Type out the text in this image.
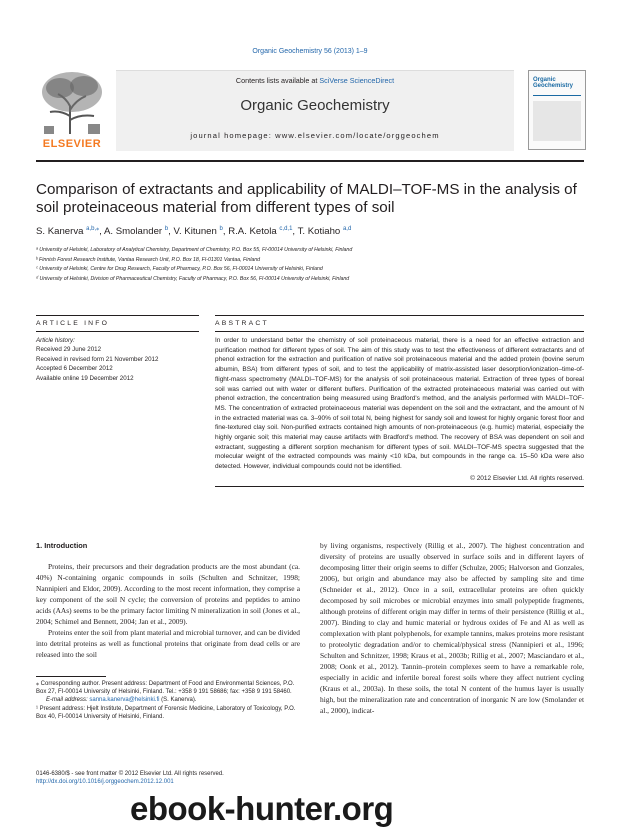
Organic Geochemistry 56 (2013) 1–9
ELSEVIER
Contents lists available at SciVerse ScienceDirect
Organic Geochemistry
journal homepage: www.elsevier.com/locate/orggeochem
Organic Geochemistry
Comparison of extractants and applicability of MALDI–TOF-MS in the analysis of soil proteinaceous material from different types of soil
S. Kanerva $^{a,b,⁎}$, A. Smolander $^b$, V. Kitunen $^b$, R.A. Ketola $^{c,d,1}$, T. Kotiaho $^{a,d}$
ᵃ University of Helsinki, Laboratory of Analytical Chemistry, Department of Chemistry, P.O. Box 55, FI-00014 University of Helsinki, Finland
ᵇ Finnish Forest Research Institute, Vantaa Research Unit, P.O. Box 18, FI-01301 Vantaa, Finland
ᶜ University of Helsinki, Centre for Drug Research, Faculty of Pharmacy, P.O. Box 56, FI-00014 University of Helsinki, Finland
ᵈ University of Helsinki, Division of Pharmaceutical Chemistry, Faculty of Pharmacy, P.O. Box 56, FI-00014 University of Helsinki, Finland
ARTICLE INFO
Article history:
Received 29 June 2012
Received in revised form 21 November 2012
Accepted 6 December 2012
Available online 19 December 2012
ABSTRACT
In order to understand better the chemistry of soil proteinaceous material, there is a need for an effective extraction and purification method for different types of soil. The aim of this study was to test the effectiveness of different extractants and of phenol extraction for the extraction and purification of native soil proteinaceous material and the added protein (bovine serum albumin, BSA) from different types of soil, and to test the applicability of matrix-assisted laser desorption/ionization–time-of-flight-mass spectrometry (MALDI–TOF-MS) for the analysis of soil proteinaceous material. Extraction of three types of boreal soil was carried out with water or different buffers. Purification of the extracted proteinaceous material was carried out with phenol extraction, the concentration being measured using Bradford's method, and the analysis performed with MALDI–TOF-MS. The concentration of extracted proteinaceous material was dependent on the soil and the extractant, and the amount of N in the extracted material was ca. 3–90% of soil total N, being highest for sandy soil and lowest for highly organic forest floor and fine-textured clay soil. Non-purified extracts contained high amounts of non-proteinaceous (e.g. humic) material, especially the highly organic soil; this material may cause artifacts with Bradford's method. The recovery of BSA was dependent on soil and extractant, suggesting a different sorption mechanism for different types of soil. MALDI–TOF-MS spectra suggested that the molecular weight of the extracted compounds was mainly <10 kDa, but compounds in the range ca. 15–50 kDa were also detected. However, individual compounds could not be identified.
© 2012 Elsevier Ltd. All rights reserved.
1. Introduction

Proteins, their precursors and their degradation products are the most abundant (ca. 40%) N-containing organic compounds in soils (Schulten and Schnitzer, 1998; Nannipieri and Eldor, 2009). According to the most recent information, they comprise a key component of the soil N cycle; the conversion of proteins and peptides to amino acids (AAs) seems to be the primary factor limiting N mineralization in soil (Jones et al., 2004; Schimel and Bennett, 2004; Jan et al., 2009).

Proteins enter the soil from plant material and microbial turnover, and can be divided into detrital proteins as well as functional proteins that originate from dead cells or are released into the soil

by living organisms, respectively (Rillig et al., 2007). The highest concentration and diversity of proteins are usually observed in surface soils and in different layers of decomposing litter their origin seems to differ (Schulze, 2005; Halvorson and Gonzales, 2006), but origin and abundance may also be affected by sampling site and time (Schneider et al., 2012). Once in a soil, extracellular proteins are often quickly decomposed by soil microbes or microbial enzymes into small polypeptide fragments, although proteins of different origin may differ in terms of their persistence (Rillig et al., 2007). Binding to clay and humic material or hydrous oxides of Fe and Al as well as complexation with plant polyphenols, for example tannins, makes proteins more resistant to proteolytic degradation and/or to chemical/physical stress (Nannipieri et al., 1996; Schulten and Schnitzer, 1998; Kraus et al., 2003b; Rillig et al., 2007; Masciandaro et al., 2008; Oonk et al., 2012). Tannin–protein complexes seem to have a remarkable role, especially in acidic and infertile boreal forest soils where they affect nutrient cycling (Kraus et al., 2003a). In these soils, the total N content of the humus layer is usually high, but the mineralization rate and concentration of inorganic N are low (Smolander et al., 2000), indicat-

⁎ Corresponding author. Present address: Department of Food and Environmental Sciences, P.O. Box 27, FI-00014 University of Helsinki, Finland. Tel.: +358 9 191 58686; fax: +358 9 191 58460.
E-mail address: sanna.kanerva@helsinki.fi (S. Kanerva).
¹ Present address: Hjelt Institute, Department of Forensic Medicine, Laboratory of Toxicology, P.O. Box 40, FI-00014 University of Helsinki, Finland.
0146-6380/$ - see front matter © 2012 Elsevier Ltd. All rights reserved.
http://dx.doi.org/10.1016/j.orggeochem.2012.12.001
ebook-hunter.org
